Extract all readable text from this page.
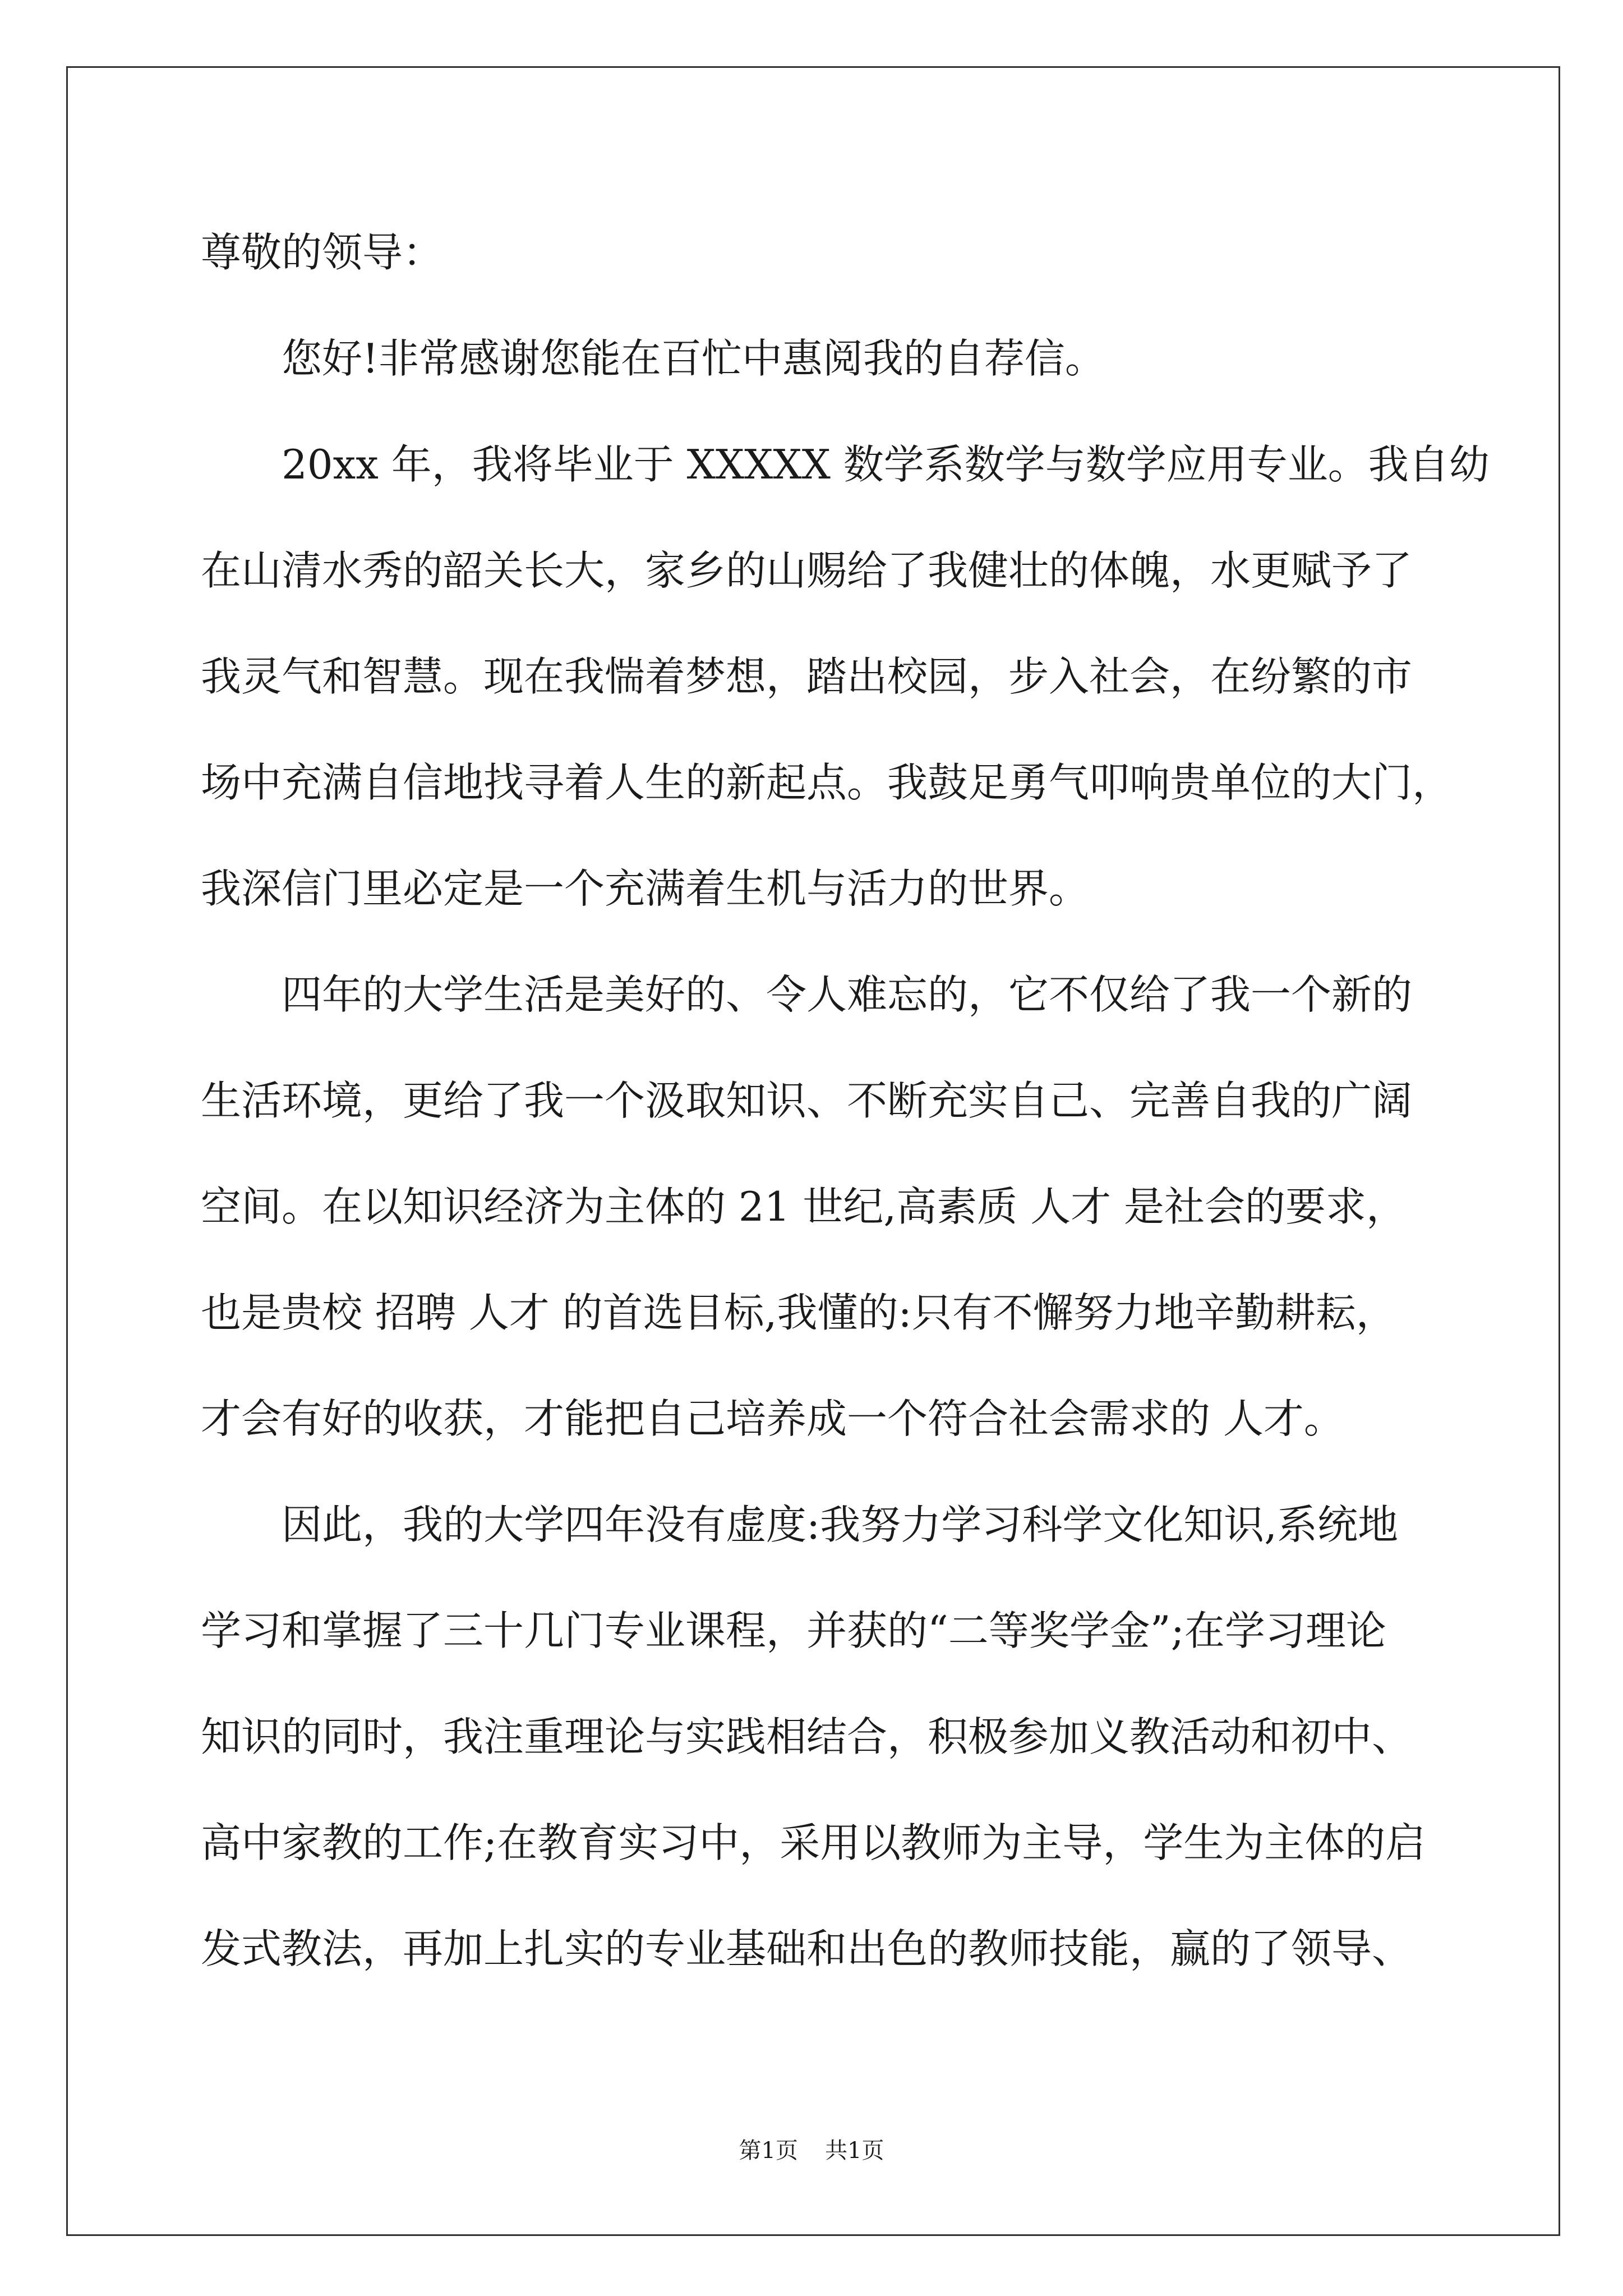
尊敬的领导：
您好!非常感谢您能在百忙中惠阅我的自荐信。
20xx 年，我将毕业于 XXXXX 数学系数学与数学应用专业。我自幼
在山清水秀的韶关长大，家乡的山赐给了我健壮的体魄，水更赋予了
我灵气和智慧。现在我惴着梦想，踏出校园，步入社会，在纷繁的市
场中充满自信地找寻着人生的新起点。我鼓足勇气叩响贵单位的大门，
我深信门里必定是一个充满着生机与活力的世界。
四年的大学生活是美好的、令人难忘的，它不仅给了我一个新的
生活环境，更给了我一个汲取知识、不断充实自己、完善自我的广阔
空间。在以知识经济为主体的 21 世纪,高素质 人才 是社会的要求，
也是贵校 招聘 人才 的首选目标,我懂的:只有不懈努力地辛勤耕耘，
才会有好的收获，才能把自己培养成一个符合社会需求的 人才。
因此，我的大学四年没有虚度:我努力学习科学文化知识,系统地
学习和掌握了三十几门专业课程，并获的“二等奖学金”;在学习理论
知识的同时，我注重理论与实践相结合，积极参加义教活动和初中、
高中家教的工作;在教育实习中，采用以教师为主导，学生为主体的启
发式教法，再加上扎实的专业基础和出色的教师技能，赢的了领导、
第1页 共1页
